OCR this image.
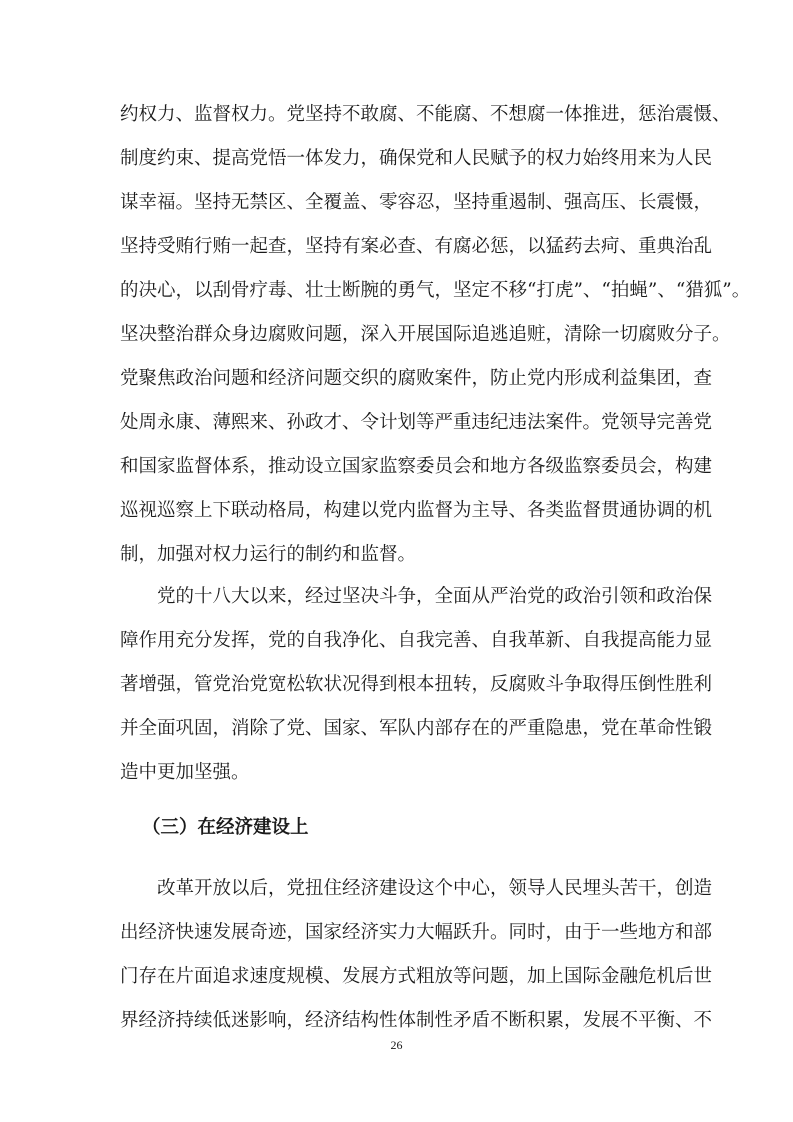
约权力、监督权力。党坚持不敢腐、不能腐、不想腐一体推进，惩治震慑、
制度约束、提高党悟一体发力，确保党和人民赋予的权力始终用来为人民
谋幸福。坚持无禁区、全覆盖、零容忍，坚持重遏制、强高压、长震慑，
坚持受贿行贿一起查，坚持有案必查、有腐必惩，以猛药去疴、重典治乱
的决心，以刮骨疗毒、壮士断腕的勇气，坚定不移“打虎”、“拍蝇”、“猎狐”。
坚决整治群众身边腐败问题，深入开展国际追逃追赃，清除一切腐败分子。
党聚焦政治问题和经济问题交织的腐败案件，防止党内形成利益集团，查
处周永康、薄熙来、孙政才、令计划等严重违纪违法案件。党领导完善党
和国家监督体系，推动设立国家监察委员会和地方各级监察委员会，构建
巡视巡察上下联动格局，构建以党内监督为主导、各类监督贯通协调的机
制，加强对权力运行的制约和监督。
党的十八大以来，经过坚决斗争，全面从严治党的政治引领和政治保
障作用充分发挥，党的自我净化、自我完善、自我革新、自我提高能力显
著增强，管党治党宽松软状况得到根本扭转，反腐败斗争取得压倒性胜利
并全面巩固，消除了党、国家、军队内部存在的严重隐患，党在革命性锻
造中更加坚强。
（三）在经济建设上
改革开放以后，党扭住经济建设这个中心，领导人民埋头苦干，创造
出经济快速发展奇迹，国家经济实力大幅跃升。同时，由于一些地方和部
门存在片面追求速度规模、发展方式粗放等问题，加上国际金融危机后世
界经济持续低迷影响，经济结构性体制性矛盾不断积累，发展不平衡、不
26
